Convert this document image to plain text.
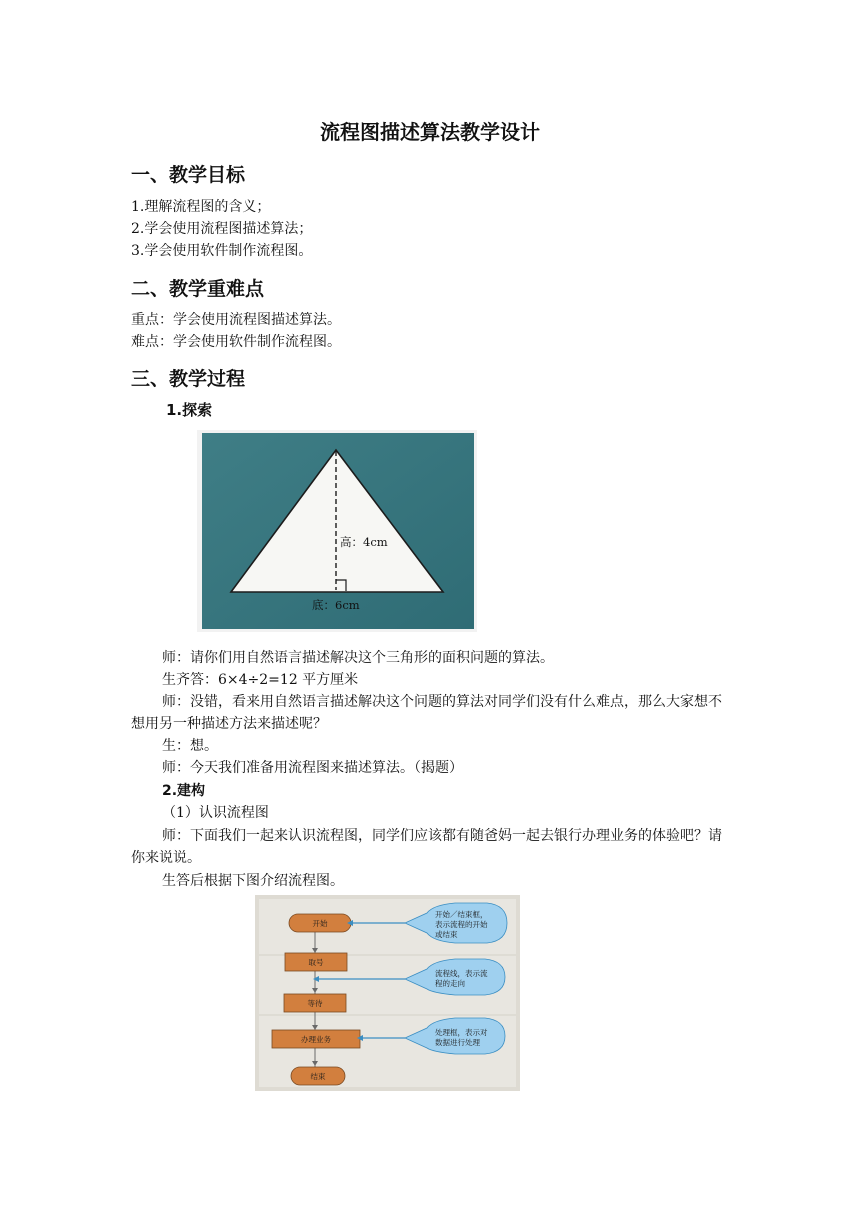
流程图描述算法教学设计
一、教学目标
1.理解流程图的含义；
2.学会使用流程图描述算法；
3.学会使用软件制作流程图。
二、教学重难点
重点：学会使用流程图描述算法。
难点：学会使用软件制作流程图。
三、教学过程
1.探索
高：4cm
底：6cm
师：请你们用自然语言描述解决这个三角形的面积问题的算法。
生齐答：6×4÷2=12 平方厘米
师：没错，看来用自然语言描述解决这个问题的算法对同学们没有什么难点，那么大家想不想用另一种描述方法来描述呢？
生：想。
师：今天我们准备用流程图来描述算法。（揭题）
2.建构
（1）认识流程图
师：下面我们一起来认识流程图，同学们应该都有随爸妈一起去银行办理业务的体验吧？请你来说说。
生答后根据下图介绍流程图。
开始
取号
等待
办理业务
结束
开始／结束框，
表示流程的开始
或结束
流程线，表示流
程的走向
处理框，表示对
数据进行处理
